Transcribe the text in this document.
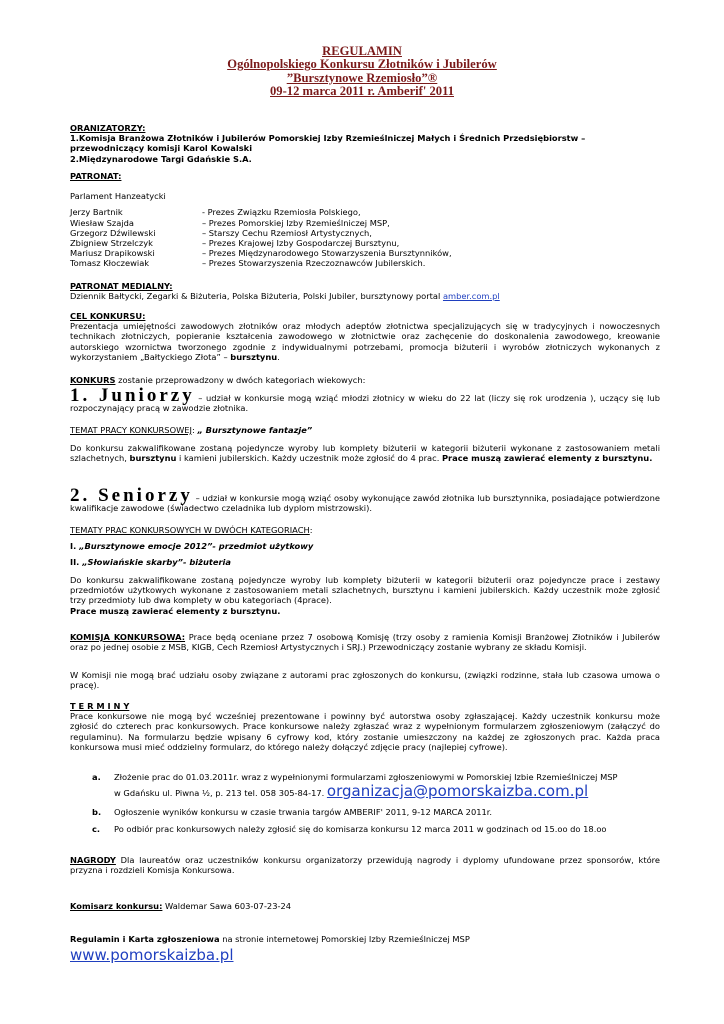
REGULAMIN
Ogólnopolskiego Konkursu Złotników i Jubilerów
”Bursztynowe Rzemiosło”®
09-12 marca 2011 r. Amberif' 2011
ORANIZATORZY:
1.Komisja Branżowa Złotników i Jubilerów Pomorskiej Izby Rzemieślniczej Małych i Średnich Przedsiębiorstw – przewodniczący komisji Karol Kowalski
2.Międzynarodowe Targi Gdańskie S.A.
PATRONAT:
Parlament Hanzeatycki
Jerzy Bartnik	- Prezes Związku Rzemiosła Polskiego,
Wiesław Szajda	– Prezes Pomorskiej Izby Rzemieślniczej MSP,
Grzegorz Dźwilewski	– Starszy Cechu Rzemiosł Artystycznych,
Zbigniew Strzelczyk	– Prezes Krajowej Izby Gospodarczej Bursztynu,
Mariusz Drapikowski	– Prezes Międzynarodowego Stowarzyszenia Bursztynników,
Tomasz Kłoczewiak	– Prezes Stowarzyszenia Rzeczoznawców Jubilerskich.
PATRONAT MEDIALNY:
Dziennik Bałtycki, Zegarki & Biżuteria, Polska Biżuteria, Polski Jubiler, bursztynowy portal amber.com.pl
CEL KONKURSU:
Prezentacja umiejętności zawodowych złotników oraz młodych adeptów złotnictwa specjalizujących się w tradycyjnych i nowoczesnych technikach złotniczych, popieranie kształcenia zawodowego w złotnictwie oraz zachęcenie do doskonalenia zawodowego, kreowanie autorskiego wzornictwa tworzonego zgodnie z indywidualnymi potrzebami, promocja biżuterii i wyrobów złotniczych wykonanych z wykorzystaniem „Bałtyckiego Złota” – bursztynu.
KONKURS zostanie przeprowadzony w dwóch kategoriach wiekowych:
1. Juniorzy – udział w konkursie mogą wziąć młodzi złotnicy w wieku do 22 lat (liczy się rok urodzenia ), uczący się lub rozpoczynający pracą w zawodzie złotnika.
TEMAT PRACY KONKURSOWEJ: „ Bursztynowe fantazje”
Do konkursu zakwalifikowane zostaną pojedyncze wyroby lub komplety biżuterii w kategorii biżuterii wykonane z zastosowaniem metali szlachetnych, bursztynu i kamieni jubilerskich. Każdy uczestnik może zgłosić do 4 prac. Prace muszą zawierać elementy z bursztynu.
2. Seniorzy – udział w konkursie mogą wziąć osoby wykonujące zawód złotnika lub bursztynnika, posiadające potwierdzone kwalifikacje zawodowe (świadectwo czeladnika lub dyplom mistrzowski).
TEMATY PRAC KONKURSOWYCH W DWÓCH KATEGORIACH:
I. „Bursztynowe emocje 2012”- przedmiot użytkowy
II. „Słowiańskie skarby”- biżuteria
Do konkursu zakwalifikowane zostaną pojedyncze wyroby lub komplety biżuterii w kategorii biżuterii oraz pojedyncze prace i zestawy przedmiotów użytkowych wykonane z zastosowaniem metali szlachetnych, bursztynu i kamieni jubilerskich. Każdy uczestnik może zgłosić trzy przedmioty lub dwa komplety w obu kategoriach (4prace).
Prace muszą zawierać elementy z bursztynu.
KOMISJA KONKURSOWA: Prace będą oceniane przez 7 osobową Komisję (trzy osoby z ramienia Komisji Branżowej Złotników i Jubilerów oraz po jednej osobie z MSB, KIGB, Cech Rzemiosł Artystycznych i SRJ.) Przewodniczący zostanie wybrany ze składu Komisji.
W Komisji nie mogą brać udziału osoby związane z autorami prac zgłoszonych do konkursu, (związki rodzinne, stała lub czasowa umowa o pracę).
T E R M I N Y
Prace konkursowe nie mogą być wcześniej prezentowane i powinny być autorstwa osoby zgłaszającej. Każdy uczestnik konkursu może zgłosić do czterech prac konkursowych. Prace konkursowe należy zgłaszać wraz z wypełnionym formularzem zgłoszeniowym (załączyć do regulaminu). Na formularzu będzie wpisany 6 cyfrowy kod, który zostanie umieszczony na każdej ze zgłoszonych prac. Każda praca konkursowa musi mieć oddzielny formularz, do którego należy dołączyć zdjęcie pracy (najlepiej cyfrowe).
a. Złożenie prac do 01.03.2011r. wraz z wypełnionymi formularzami zgłoszeniowymi w Pomorskiej Izbie Rzemieślniczej MSP
w Gdańsku ul. Piwna ½, p. 213 tel. 058 305-84-17. organizacja@pomorskaizba.com.pl
b. Ogłoszenie wyników konkursu w czasie trwania targów AMBERIF' 2011, 9-12 MARCA 2011r.
c. Po odbiór prac konkursowych należy zgłosić się do komisarza konkursu 12 marca 2011 w godzinach od 15.oo do 18.oo
NAGRODY Dla laureatów oraz uczestników konkursu organizatorzy przewidują nagrody i dyplomy ufundowane przez sponsorów, które przyzna i rozdzieli Komisja Konkursowa.
Komisarz konkursu: Waldemar Sawa 603-07-23-24
Regulamin i Karta zgłoszeniowa na stronie internetowej Pomorskiej Izby Rzemieślniczej MSP
www.pomorskaizba.pl
